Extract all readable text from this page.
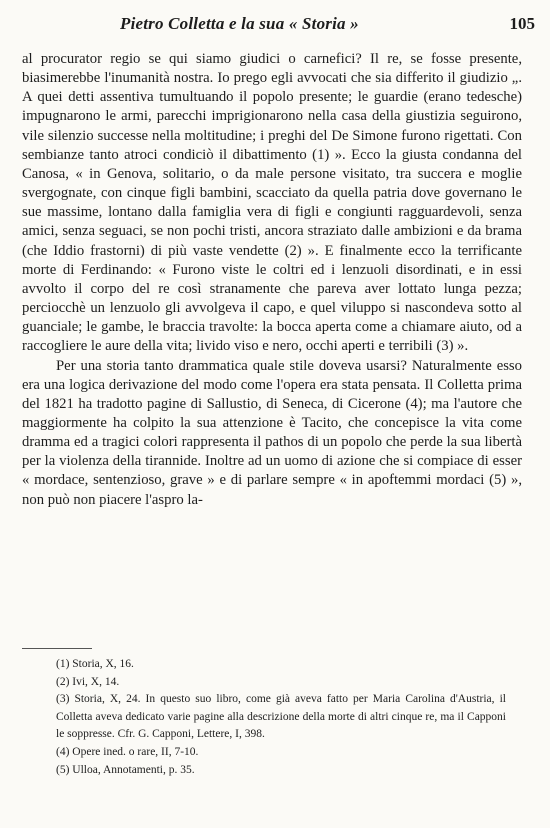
Pietro Colletta e la sua « Storia »	105

al procurator regio se qui siamo giudici o carnefici? Il re, se fosse presente, biasimerebbe l'inumanità nostra. Io prego egli avvocati che sia differito il giudizio „. A quei detti assentiva tumultuando il popolo presente; le guardie (erano tedesche) impugnarono le armi, parecchi imprigionarono nella casa della giustizia seguirono, vile silenzio successe nella moltitudine; i preghi del De Simone furono rigettati. Con sembianze tanto atroci condiciò il dibattimento (1) ». Ecco la giusta condanna del Canosa, « in Genova, solitario, o da male persone visitato, tra succera e moglie svergognate, con cinque figli bambini, scacciato da quella patria dove governano le sue massime, lontano dalla famiglia vera di figli e congiunti ragguardevoli, senza amici, senza seguaci, se non pochi tristi, ancora straziato dalle ambizioni e da brama (che Iddio frastorni) di più vaste vendette (2) ». E finalmente ecco la terrificante morte di Ferdinando: « Furono viste le coltri ed i lenzuoli disordinati, e in essi avvolto il corpo del re così stranamente che pareva aver lottato lunga pezza; perciocchè un lenzuolo gli avvolgeva il capo, e quel viluppo si nascondeva sotto al guanciale; le gambe, le braccia travolte: la bocca aperta come a chiamare aiuto, od a raccogliere le aure della vita; livido viso e nero, occhi aperti e terribili (3) ».

Per una storia tanto drammatica quale stile doveva usarsi? Naturalmente esso era una logica derivazione del modo come l'opera era stata pensata. Il Colletta prima del 1821 ha tradotto pagine di Sallustio, di Seneca, di Cicerone (4); ma l'autore che maggiormente ha colpito la sua attenzione è Tacito, che concepisce la vita come dramma ed a tragici colori rappresenta il pathos di un popolo che perde la sua libertà per la violenza della tirannide. Inoltre ad un uomo di azione che si compiace di esser « mordace, sentenzioso, grave » e di parlare sempre « in apoftemmi mordaci (5) », non può non piacere l'aspro la-

(1) Storia, X, 16.

(2) Ivi, X, 14.

(3) Storia, X, 24. In questo suo libro, come già aveva fatto per Maria Carolina d'Austria, il Colletta aveva dedicato varie pagine alla descrizione della morte di altri cinque re, ma il Capponi le soppresse. Cfr. G. Capponi, Lettere, I, 398.

(4) Opere ined. o rare, II, 7-10.

(5) Ulloa, Annotamenti, p. 35.
